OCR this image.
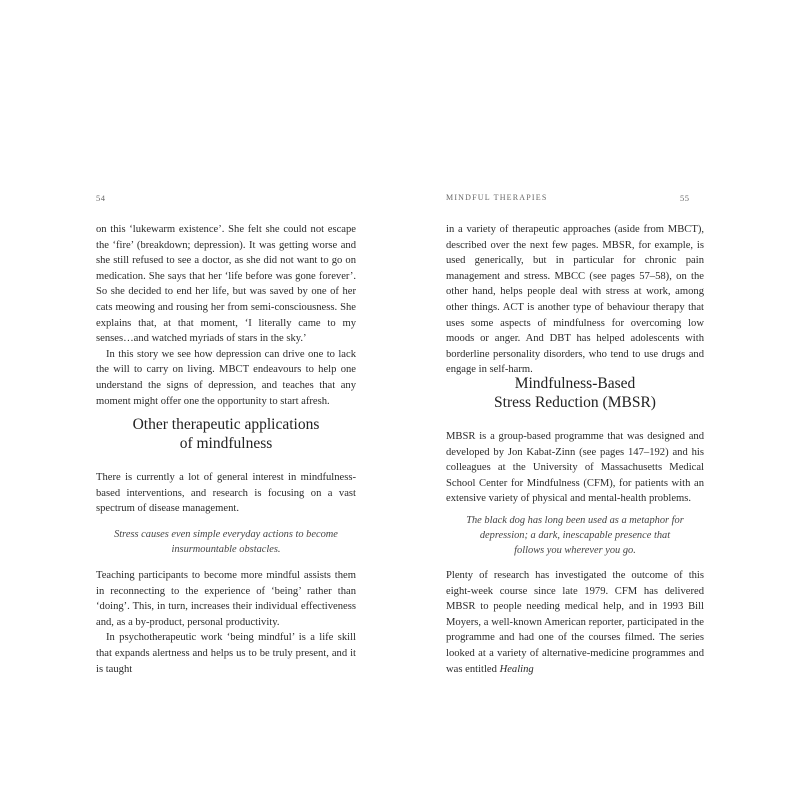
54

on this ‘lukewarm existence’. She felt she could not escape the ‘fire’ (breakdown; depression). It was getting worse and she still refused to see a doctor, as she did not want to go on medication. She says that her ‘life before was gone forever’. So she decided to end her life, but was saved by one of her cats meowing and rousing her from semi-consciousness. She explains that, at that moment, ‘I literally came to my senses…and watched myriads of stars in the sky.’

In this story we see how depression can drive one to lack the will to carry on living. MBCT endeavours to help one understand the signs of depression, and teaches that any moment might offer one the opportunity to start afresh.

Other therapeutic applications
of mindfulness

There is currently a lot of general interest in mindfulness-based interventions, and research is focusing on a vast spectrum of disease management.

Stress causes even simple everyday actions to become
insurmountable obstacles.

Teaching participants to become more mindful assists them in reconnecting to the experience of ‘being’ rather than ‘doing’. This, in turn, increases their individual effectiveness and, as a by-product, personal productivity.

In psychotherapeutic work ‘being mindful’ is a life skill that expands alertness and helps us to be truly present, and it is taught

MINDFUL THERAPIES	55

in a variety of therapeutic approaches (aside from MBCT), described over the next few pages. MBSR, for example, is used generically, but in particular for chronic pain management and stress. MBCC (see pages 57–58), on the other hand, helps people deal with stress at work, among other things. ACT is another type of behaviour therapy that uses some aspects of mindfulness for overcoming low moods or anger. And DBT has helped adolescents with borderline personality disorders, who tend to use drugs and engage in self-harm.

Mindfulness-Based
Stress Reduction (MBSR)

MBSR is a group-based programme that was designed and developed by Jon Kabat-Zinn (see pages 147–192) and his colleagues at the University of Massachusetts Medical School Center for Mindfulness (CFM), for patients with an extensive variety of physical and mental-health problems.

The black dog has long been used as a metaphor for
depression; a dark, inescapable presence that
follows you wherever you go.

Plenty of research has investigated the outcome of this eight-week course since late 1979. CFM has delivered MBSR to people needing medical help, and in 1993 Bill Moyers, a well-known American reporter, participated in the programme and had one of the courses filmed. The series looked at a variety of alternative-medicine programmes and was entitled Healing
